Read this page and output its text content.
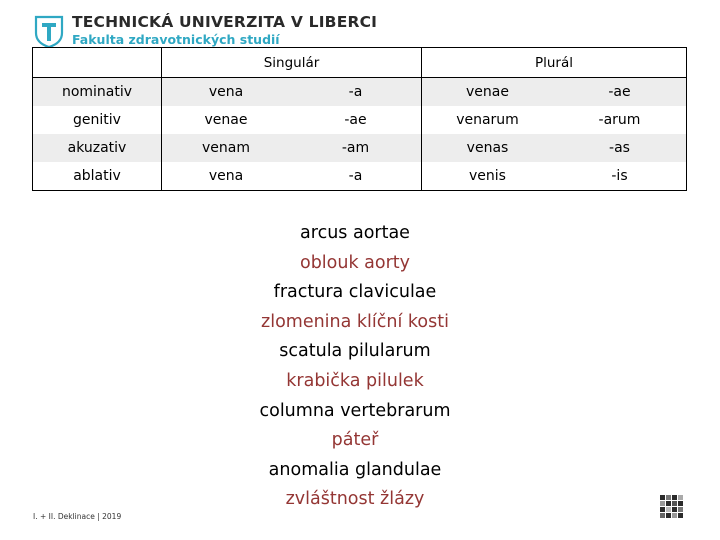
TECHNICKÁ UNIVERZITA V LIBERCI
Fakulta zdravotnických studií
	Singulár		Plurál	
nominativ	vena	-a	venae	-ae
genitiv	venae	-ae	venarum	-arum
akuzativ	venam	-am	venas	-as
ablativ	vena	-a	venis	-is
arcus aortae
oblouk aorty
fractura claviculae
zlomenina klíční kosti
scatula pilularum
krabička pilulek
columna vertebrarum
páteř
anomalia glandulae
zvláštnost žlázy
I. + II. Deklinace | 2019
